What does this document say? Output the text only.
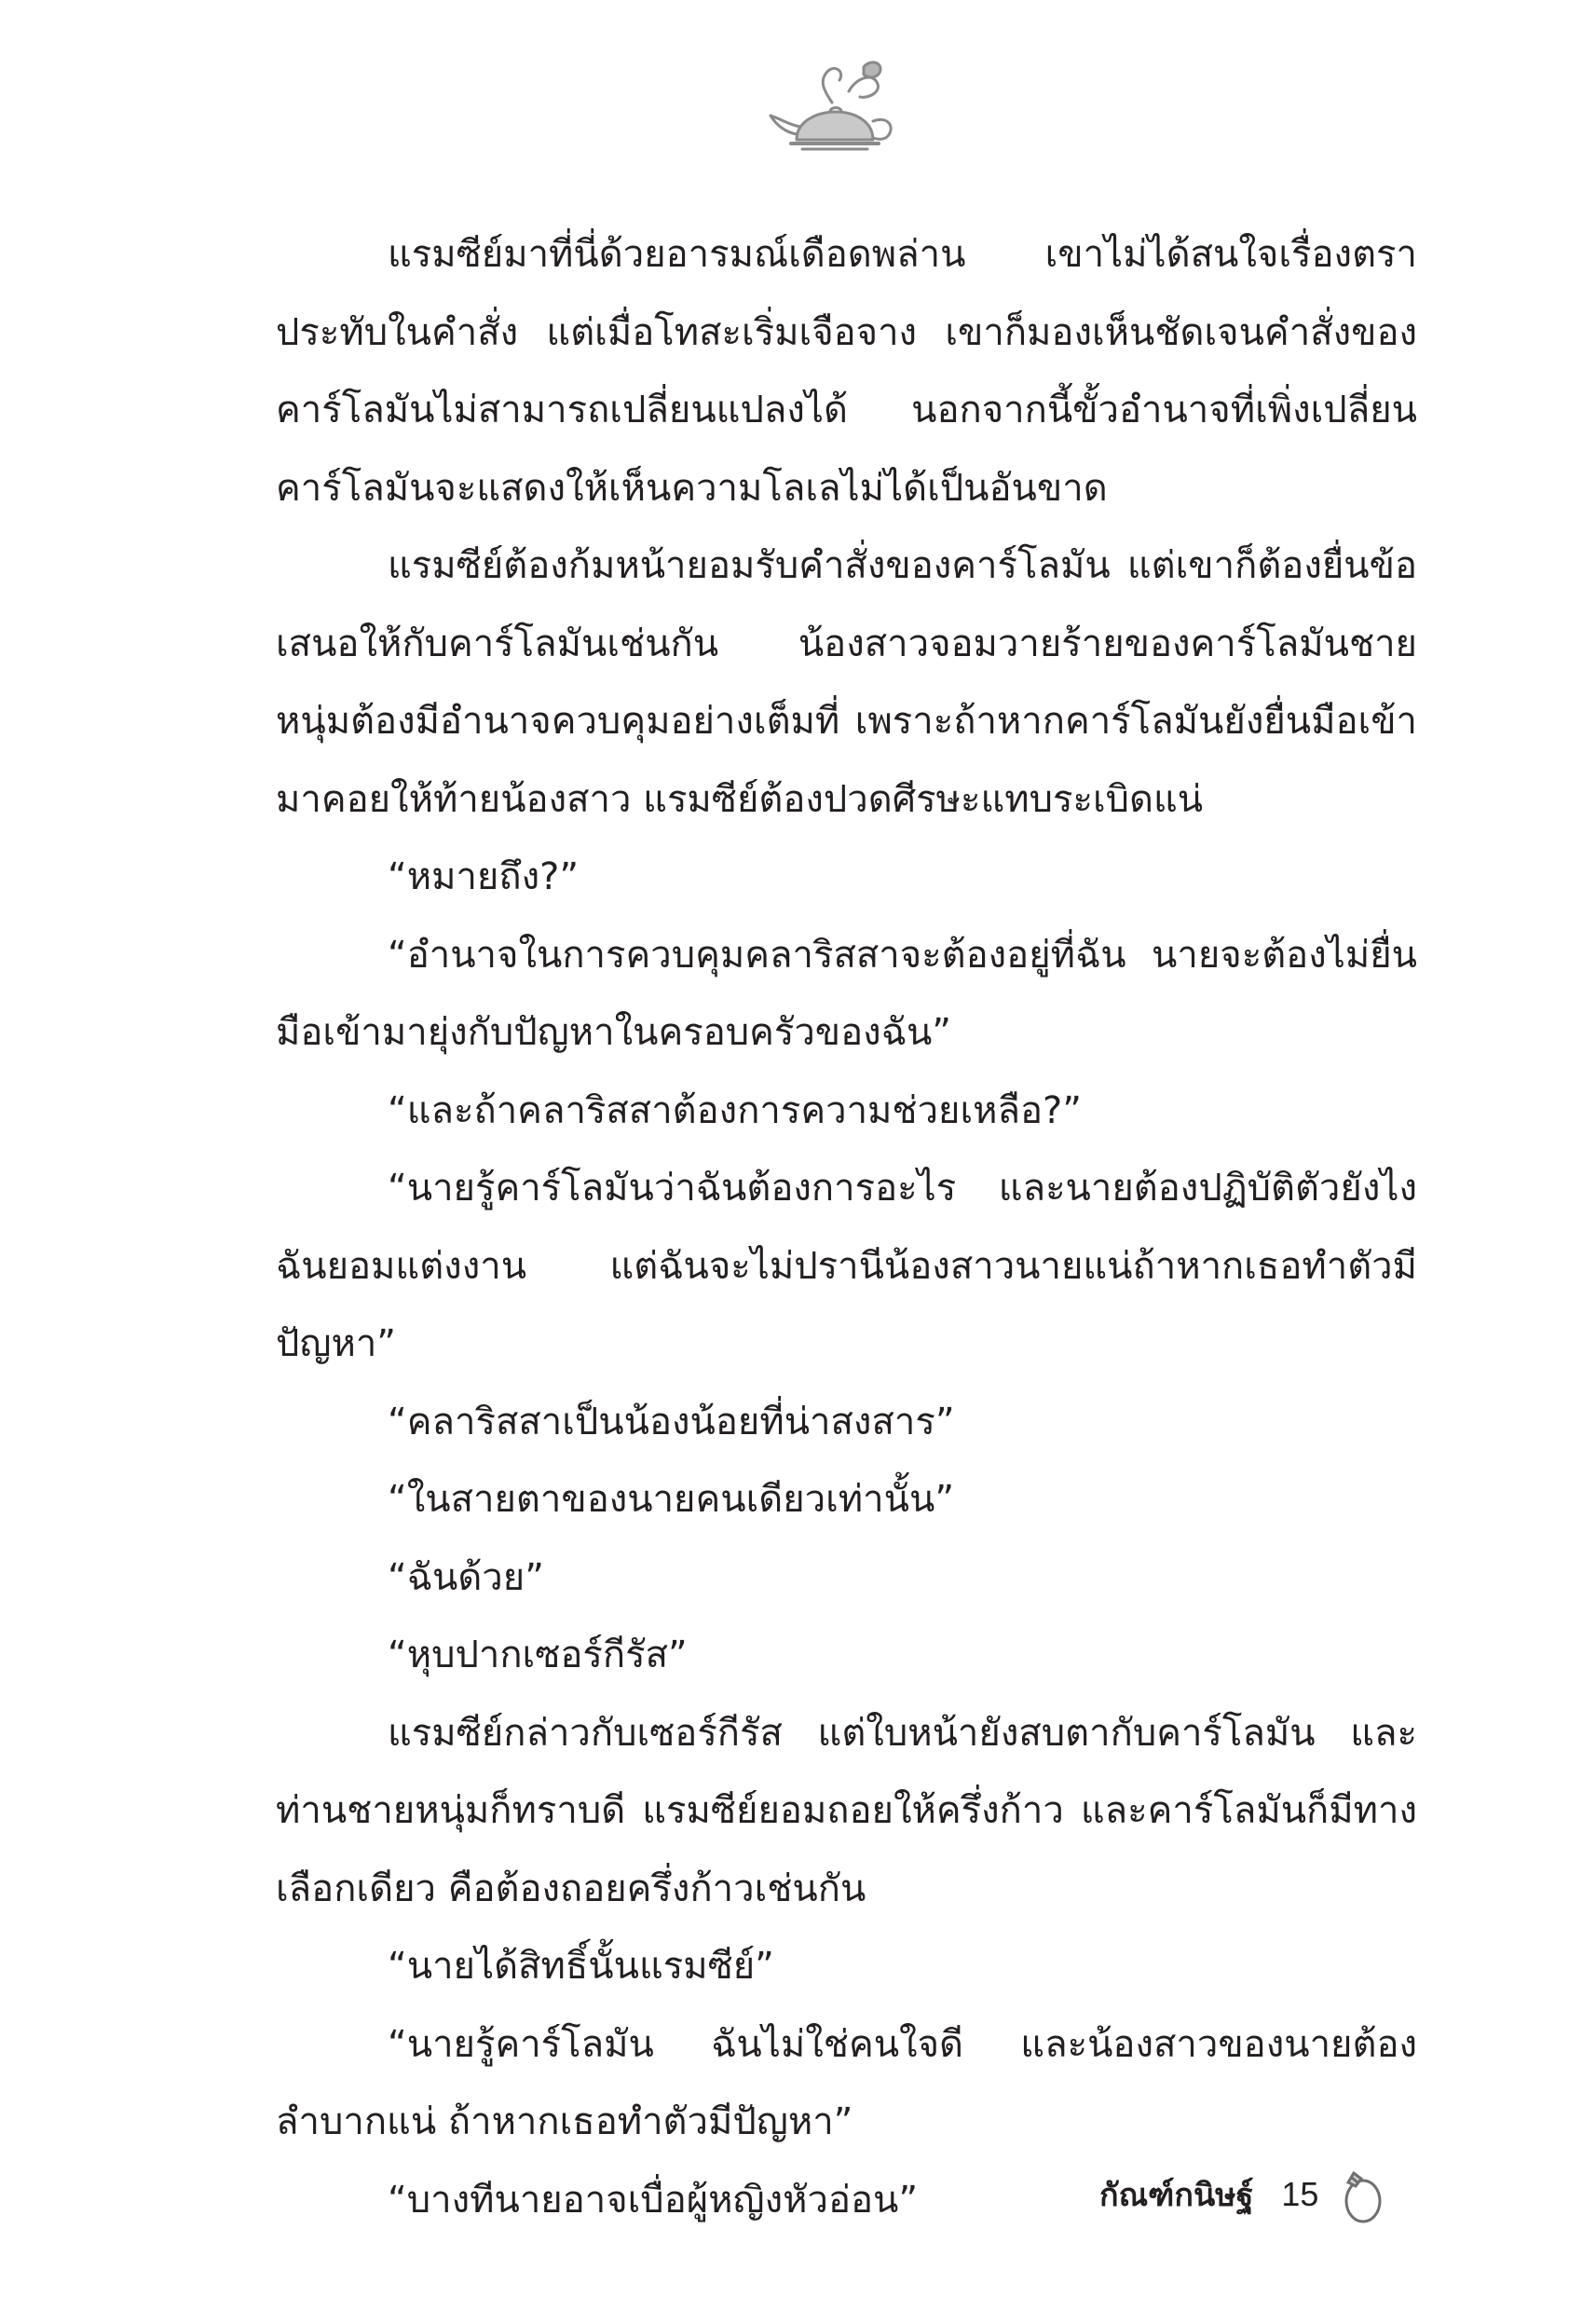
แรมซีย์มาที่นี่ด้วยอารมณ์เดือดพล่าน เขาไม่ได้สนใจเรื่องตราประทับในคำสั่ง แต่เมื่อโทสะเริ่มเจือจาง เขาก็มองเห็นชัดเจนคำสั่งของคาร์โลมันไม่สามารถเปลี่ยนแปลงได้ นอกจากนี้ขั้วอำนาจที่เพิ่งเปลี่ยน คาร์โลมันจะแสดงให้เห็นความโลเลไม่ได้เป็นอันขาด

แรมซีย์ต้องก้มหน้ายอมรับคำสั่งของคาร์โลมัน แต่เขาก็ต้องยื่นข้อเสนอให้กับคาร์โลมันเช่นกัน น้องสาวจอมวายร้ายของคาร์โลมันชายหนุ่มต้องมีอำนาจควบคุมอย่างเต็มที่ เพราะถ้าหากคาร์โลมันยังยื่นมือเข้ามาคอยให้ท้ายน้องสาว แรมซีย์ต้องปวดศีรษะแทบระเบิดแน่

“หมายถึง?”

“อำนาจในการควบคุมคลาริสสาจะต้องอยู่ที่ฉัน นายจะต้องไม่ยื่นมือเข้ามายุ่งกับปัญหาในครอบครัวของฉัน”

“และถ้าคลาริสสาต้องการความช่วยเหลือ?”

“นายรู้คาร์โลมันว่าฉันต้องการอะไร และนายต้องปฏิบัติตัวยังไงฉันยอมแต่งงาน แต่ฉันจะไม่ปรานีน้องสาวนายแน่ถ้าหากเธอทำตัวมีปัญหา”

“คลาริสสาเป็นน้องน้อยที่น่าสงสาร”

“ในสายตาของนายคนเดียวเท่านั้น”

“ฉันด้วย”

“หุบปากเซอร์กีรัส”

แรมซีย์กล่าวกับเซอร์กีรัส แต่ใบหน้ายังสบตากับคาร์โลมัน และท่านชายหนุ่มก็ทราบดี แรมซีย์ยอมถอยให้ครึ่งก้าว และคาร์โลมันก็มีทางเลือกเดียว คือต้องถอยครึ่งก้าวเช่นกัน

“นายได้สิทธิ์นั้นแรมซีย์”

“นายรู้คาร์โลมัน ฉันไม่ใช่คนใจดี และน้องสาวของนายต้องลำบากแน่ ถ้าหากเธอทำตัวมีปัญหา”

“บางทีนายอาจเบื่อผู้หญิงหัวอ่อน”	กัณฑ์กนิษฐ์ 15
